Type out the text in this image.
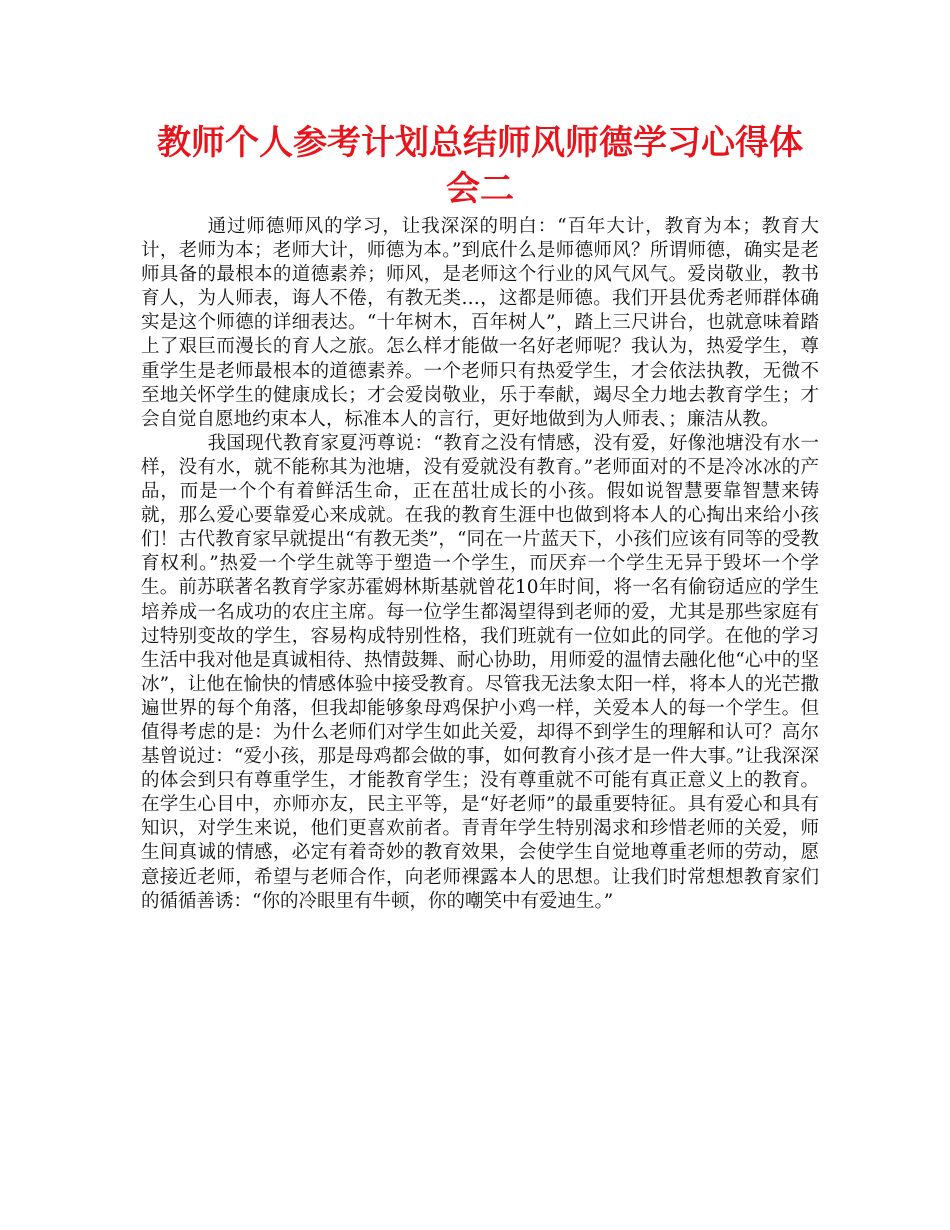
教师个人参考计划总结师风师德学习心得体会二

通过师德师风的学习，让我深深的明白：“百年大计，教育为本；教育大计，老师为本；老师大计，师德为本。”到底什么是师德师风？所谓师德，确实是老师具备的最根本的道德素养；师风，是老师这个行业的风气风气。爱岗敬业，教书育人，为人师表，诲人不倦，有教无类…，这都是师德。我们开县优秀老师群体确实是这个师德的详细表达。“十年树木，百年树人”，踏上三尺讲台，也就意味着踏上了艰巨而漫长的育人之旅。怎么样才能做一名好老师呢？我认为，热爱学生，尊重学生是老师最根本的道德素养。一个老师只有热爱学生，才会依法执教，无微不至地关怀学生的健康成长；才会爱岗敬业，乐于奉献，竭尽全力地去教育学生；才会自觉自愿地约束本人，标准本人的言行，更好地做到为人师表、；廉洁从教。

我国现代教育家夏沔尊说：“教育之没有情感，没有爱，好像池塘没有水一样，没有水，就不能称其为池塘，没有爱就没有教育。”老师面对的不是冷冰冰的产品，而是一个个有着鲜活生命，正在茁壮成长的小孩。假如说智慧要靠智慧来铸就，那么爱心要靠爱心来成就。在我的教育生涯中也做到将本人的心掏出来给小孩们！古代教育家早就提出“有教无类”，“同在一片蓝天下，小孩们应该有同等的受教育权利。”热爱一个学生就等于塑造一个学生，而厌弃一个学生无异于毁坏一个学生。前苏联著名教育学家苏霍姆林斯基就曾花10年时间，将一名有偷窃适应的学生培养成一名成功的农庄主席。每一位学生都渴望得到老师的爱，尤其是那些家庭有过特别变故的学生，容易构成特别性格，我们班就有一位如此的同学。在他的学习生活中我对他是真诚相待、热情鼓舞、耐心协助，用师爱的温情去融化他“心中的坚冰”，让他在愉快的情感体验中接受教育。尽管我无法象太阳一样，将本人的光芒撒遍世界的每个角落，但我却能够象母鸡保护小鸡一样，关爱本人的每一个学生。但值得考虑的是：为什么老师们对学生如此关爱，却得不到学生的理解和认可？高尔基曾说过：“爱小孩，那是母鸡都会做的事，如何教育小孩才是一件大事。”让我深深的体会到只有尊重学生，才能教育学生；没有尊重就不可能有真正意义上的教育。在学生心目中，亦师亦友，民主平等，是“好老师”的最重要特征。具有爱心和具有知识，对学生来说，他们更喜欢前者。青青年学生特别渴求和珍惜老师的关爱，师生间真诚的情感，必定有着奇妙的教育效果，会使学生自觉地尊重老师的劳动，愿意接近老师，希望与老师合作，向老师裸露本人的思想。让我们时常想想教育家们的循循善诱：“你的冷眼里有牛顿，你的嘲笑中有爱迪生。”
